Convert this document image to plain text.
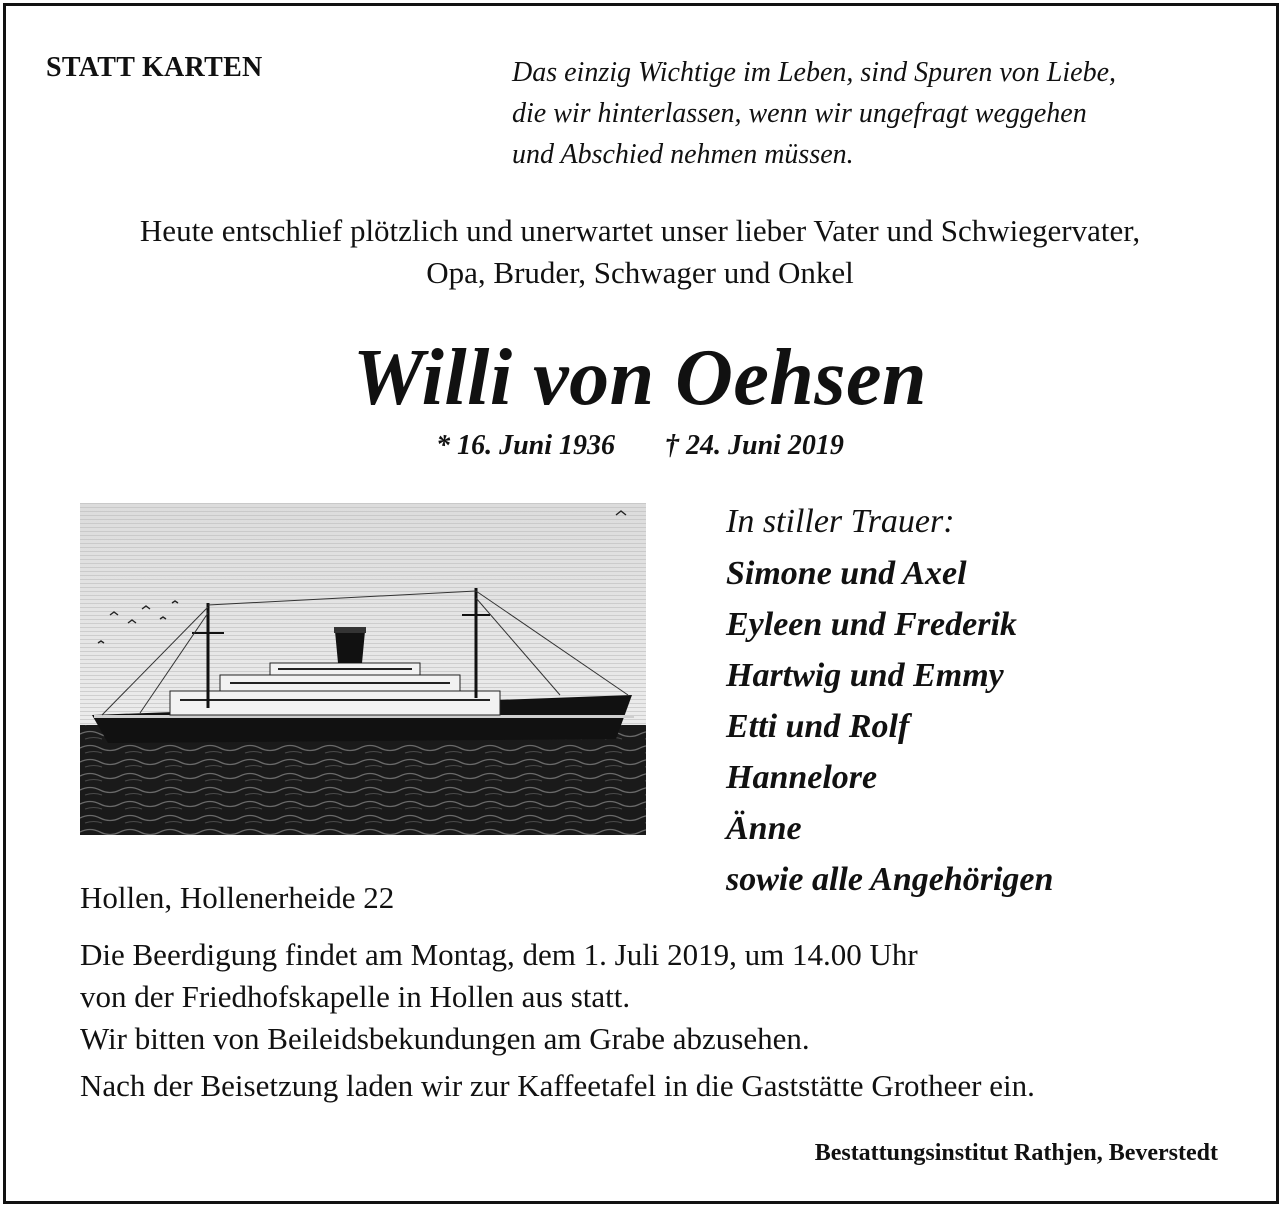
STATT KARTEN	Das einzig Wichtige im Leben, sind Spuren von Liebe,
die wir hinterlassen, wenn wir ungefragt weggehen
und Abschied nehmen müssen.
Heute entschlief plötzlich und unerwartet unser lieber Vater und Schwiegervater,
Opa, Bruder, Schwager und Onkel
Willi von Oehsen
* 16. Juni 1936 † 24. Juni 2019
In stiller Trauer:
Simone und Axel
Eyleen und Frederik
Hartwig und Emmy
Etti und Rolf
Hannelore
Änne
sowie alle Angehörigen
Hollen, Hollenerheide 22
Die Beerdigung findet am Montag, dem 1. Juli 2019, um 14.00 Uhr
von der Friedhofskapelle in Hollen aus statt.
Wir bitten von Beileidsbekundungen am Grabe abzusehen.
Nach der Beisetzung laden wir zur Kaffeetafel in die Gaststätte Grotheer ein.
Bestattungsinstitut Rathjen, Beverstedt
